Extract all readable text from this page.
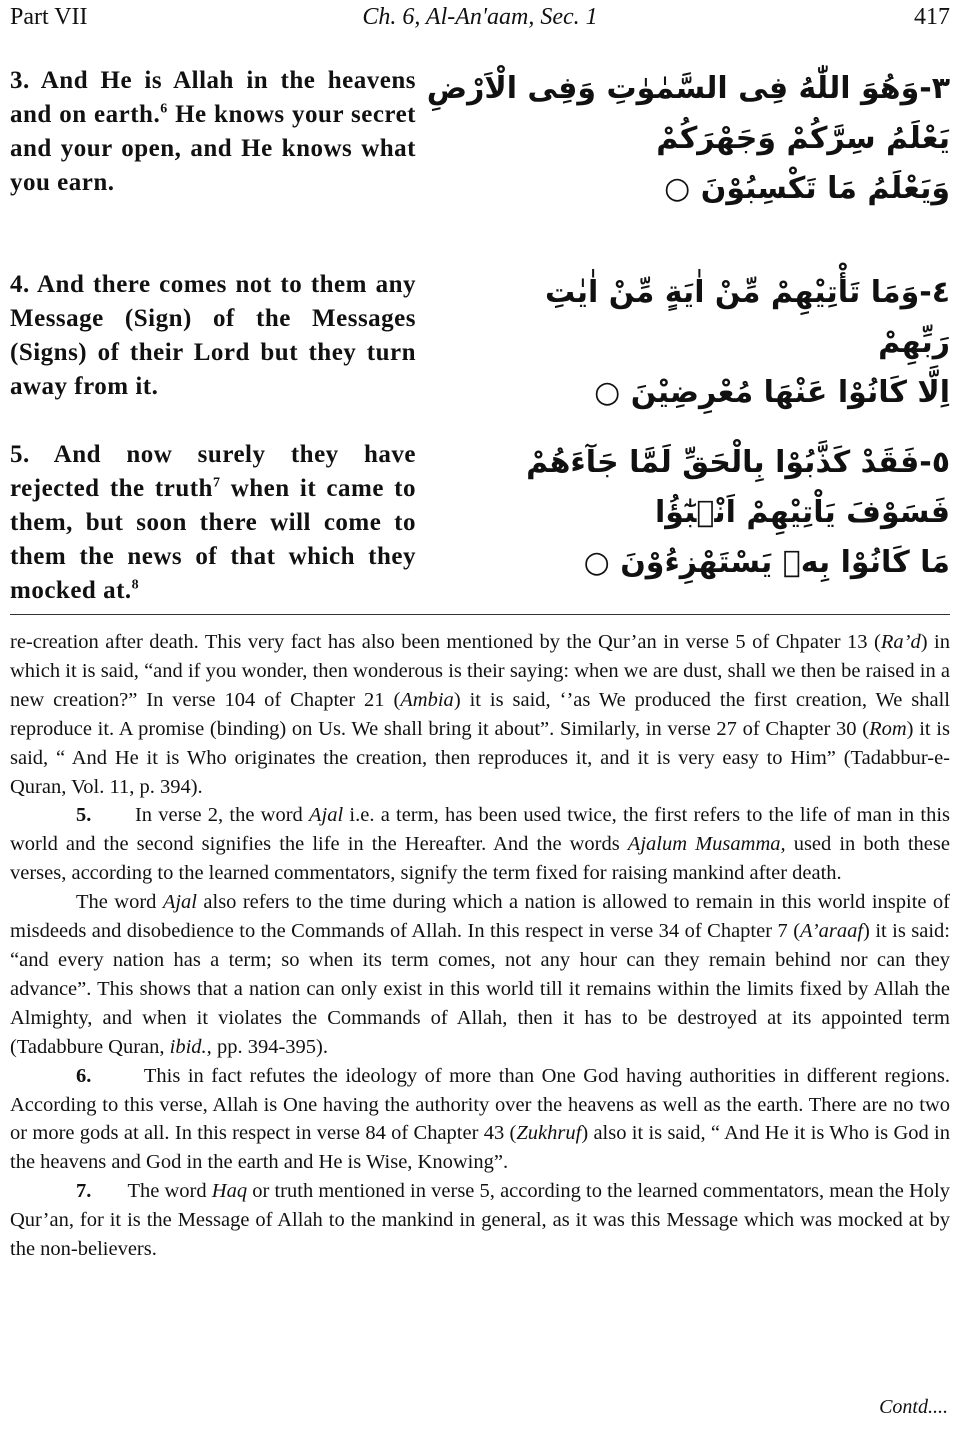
Part VII	Ch. 6, Al-An'aam, Sec. 1	417
3. And He is Allah in the heavens and on earth.$^6$ He knows your secret and your open, and He knows what you earn.
٣-وَهُوَ اللّٰهُ فِى السَّمٰوٰتِ وَفِى الْاَرْضِ
يَعْلَمُ سِرَّكُمْ وَجَهْرَكُمْ
وَيَعْلَمُ مَا تَكْسِبُوْنَ ○
4. And there comes not to them any Message (Sign) of the Messages (Signs) of their Lord but they turn away from it.
٤-وَمَا تَأْتِيْهِمْ مِّنْ اٰيَةٍ مِّنْ اٰيٰتِ
رَبِّهِمْ
اِلَّا كَانُوْا عَنْهَا مُعْرِضِيْنَ ○
5. And now surely they have rejected the truth$^7$ when it came to them, but soon there will come to them the news of that which they mocked at.$^8$
٥-فَقَدْ كَذَّبُوْا بِالْحَقِّ لَمَّا جَآءَهُمْ
فَسَوْفَ يَاْتِيْهِمْ اَنْۢبٰٓؤُا
مَا كَانُوْا بِهٖ يَسْتَهْزِءُوْنَ ○

re-creation after death. This very fact has also been mentioned by the Qur’an in verse 5 of Chpater 13 (Ra’d) in which it is said, “and if you wonder, then wonderous is their saying: when we are dust, shall we then be raised in a new creation?” In verse 104 of Chapter 21 (Ambia) it is said, ‘’as We produced the first creation, We shall reproduce it. A promise (binding) on Us. We shall bring it about”. Similarly, in verse 27 of Chapter 30 (Rom) it is said, “ And He it is Who originates the creation, then reproduces it, and it is very easy to Him” (Tadabbur-e-Quran, Vol. 11, p. 394).

5. In verse 2, the word Ajal i.e. a term, has been used twice, the first refers to the life of man in this world and the second signifies the life in the Hereafter. And the words Ajalum Musamma, used in both these verses, according to the learned commentators, signify the term fixed for raising mankind after death.

The word Ajal also refers to the time during which a nation is allowed to remain in this world inspite of misdeeds and disobedience to the Commands of Allah. In this respect in verse 34 of Chapter 7 (A’araaf) it is said: “and every nation has a term; so when its term comes, not any hour can they remain behind nor can they advance”. This shows that a nation can only exist in this world till it remains within the limits fixed by Allah the Almighty, and when it violates the Commands of Allah, then it has to be destroyed at its appointed term (Tadabbure Quran, ibid., pp. 394-395).

6.	This in fact refutes the ideology of more than One God having authorities in different regions. According to this verse, Allah is One having the authority over the heavens as well as the earth. There are no two or more gods at all. In this respect in verse 84 of Chapter 43 (Zukhruf) also it is said, “ And He it is Who is God in the heavens and God in the earth and He is Wise, Knowing”.

7. The word Haq or truth mentioned in verse 5, according to the learned commentators, mean the Holy Qur’an, for it is the Message of Allah to the mankind in general, as it was this Message which was mocked at by the non-believers.

Contd....
